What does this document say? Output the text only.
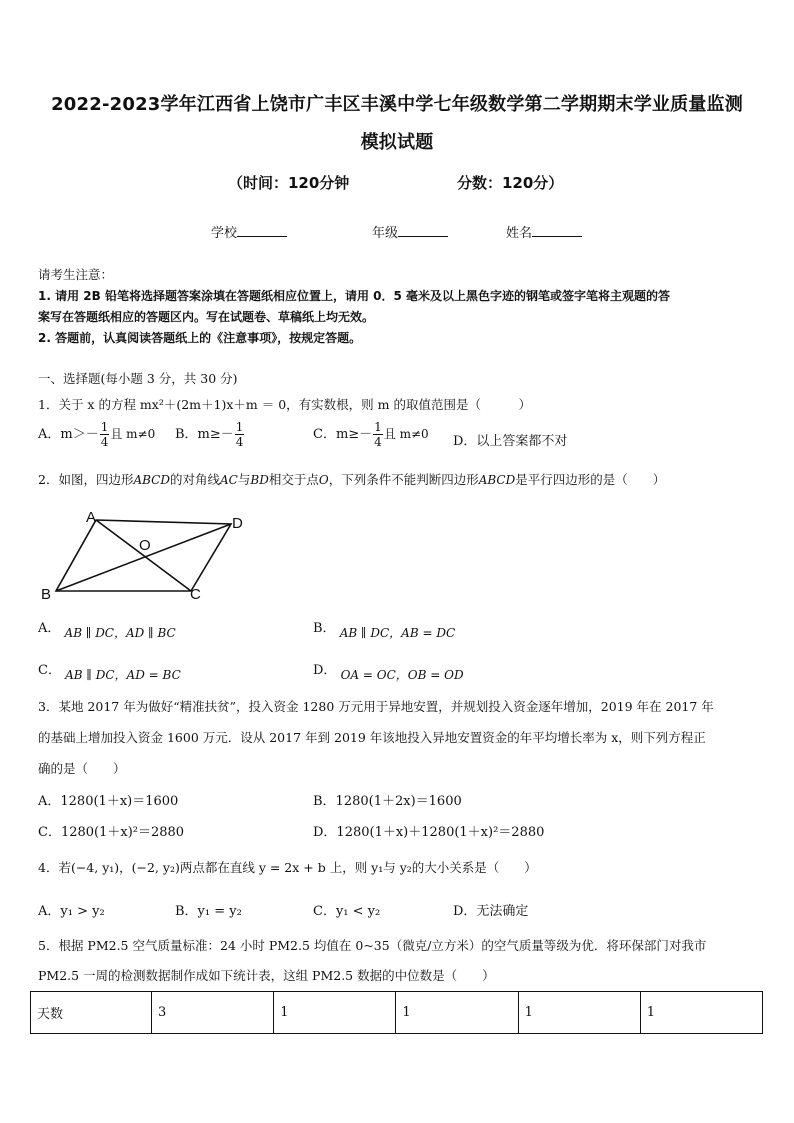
2022-2023学年江西省上饶市广丰区丰溪中学七年级数学第二学期期末学业质量监测
模拟试题
（时间：120分钟	分数：120分）
学校	年级	姓名
请考生注意：
1. 请用 2B 铅笔将选择题答案涂填在答题纸相应位置上，请用 0．5 毫米及以上黑色字迹的钢笔或签字笔将主观题的答
案写在答题纸相应的答题区内。写在试题卷、草稿纸上均无效。
2. 答题前，认真阅读答题纸上的《注意事项》，按规定答题。
一、选择题(每小题 3 分，共 30 分)
1．关于 x 的方程 mx²＋(2m＋1)x＋m ＝ 0，有实数根，则 m 的取值范围是（　　　）
A．$m>- \frac{1}{4}$ 且 m≠0 B．$m\ge- \frac{1}{4}$	C．$m\ge- \frac{1}{4}$ 且 m≠0 D．以上答案都不对
2．如图，四边形ABCD的对角线AC与BD相交于点O，下列条件不能判断四边形ABCD是平行四边形的是（　　）
A	D
B	C
O
A． AB ∥ DC，AD ∥ BC	B． AB ∥ DC，AB = DC
C． AB ∥ DC，AD = BC	D． OA = OC，OB = OD
3．某地 2017 年为做好“精准扶贫”，投入资金 1280 万元用于异地安置，并规划投入资金逐年增加，2019 年在 2017 年
的基础上增加投入资金 1600 万元．设从 2017 年到 2019 年该地投入异地安置资金的年平均增长率为 x，则下列方程正
确的是（　　）
A．1280(1＋x)＝1600	B．1280(1＋2x)＝1600
C．1280(1＋x)²＝2880	D．1280(1＋x)＋1280(1＋x)²＝2880
4．若(−4, y₁)，(−2, y₂)两点都在直线 y = 2x + b 上，则 y₁与 y₂的大小关系是（　　）
A．y₁ > y₂	B．y₁ = y₂	C．y₁ < y₂	D．无法确定
5．根据 PM2.5 空气质量标准：24 小时 PM2.5 均值在 0~35（微克/立方米）的空气质量等级为优．将环保部门对我市
PM2.5 一周的检测数据制作成如下统计表，这组 PM2.5 数据的中位数是（　　）
天数	3	1	1	1	1
